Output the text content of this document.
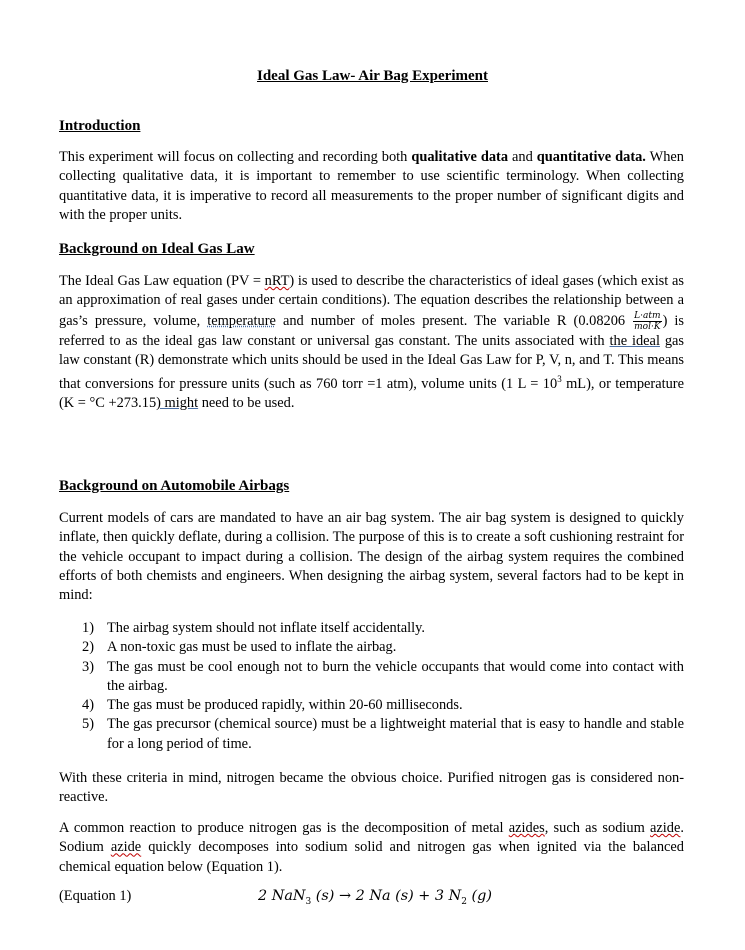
Ideal Gas Law- Air Bag Experiment
Introduction
This experiment will focus on collecting and recording both qualitative data and quantitative data. When collecting qualitative data, it is important to remember to use scientific terminology. When collecting quantitative data, it is imperative to record all measurements to the proper number of significant digits and with the proper units.
Background on Ideal Gas Law
The Ideal Gas Law equation (PV = nRT) is used to describe the characteristics of ideal gases (which exist as an approximation of real gases under certain conditions). The equation describes the relationship between a gas’s pressure, volume, temperature and number of moles present. The variable R ($0.08206 \frac{\text{L·atm}}{\text{mol·K}}$ ) is referred to as the ideal gas law constant or universal gas constant. The units associated with the ideal gas law constant (R) demonstrate which units should be used in the Ideal Gas Law for P, V, n, and T. This means that conversions for pressure units (such as 760 torr =1 atm), volume units (1 $L = 10^3$ mL), or temperature (K = °C +273.15) might need to be used.
Background on Automobile Airbags
Current models of cars are mandated to have an air bag system. The air bag system is designed to quickly inflate, then quickly deflate, during a collision. The purpose of this is to create a soft cushioning restraint for the vehicle occupant to impact during a collision. The design of the airbag system requires the combined efforts of both chemists and engineers. When designing the airbag system, several factors had to be kept in mind:
1) The airbag system should not inflate itself accidentally.
2) A non-toxic gas must be used to inflate the airbag.
3) The gas must be cool enough not to burn the vehicle occupants that would come into contact with the airbag.
4) The gas must be produced rapidly, within 20-60 milliseconds.
5) The gas precursor (chemical source) must be a lightweight material that is easy to handle and stable for a long period of time.
With these criteria in mind, nitrogen became the obvious choice. Purified nitrogen gas is considered non-reactive.
A common reaction to produce nitrogen gas is the decomposition of metal azides, such as sodium azide. Sodium azide quickly decomposes into sodium solid and nitrogen gas when ignited via the balanced chemical equation below (Equation 1).
(Equation 1)	2 NaN$_3$ (s) → 2 Na (s) + 3 $N_2$ (g)
